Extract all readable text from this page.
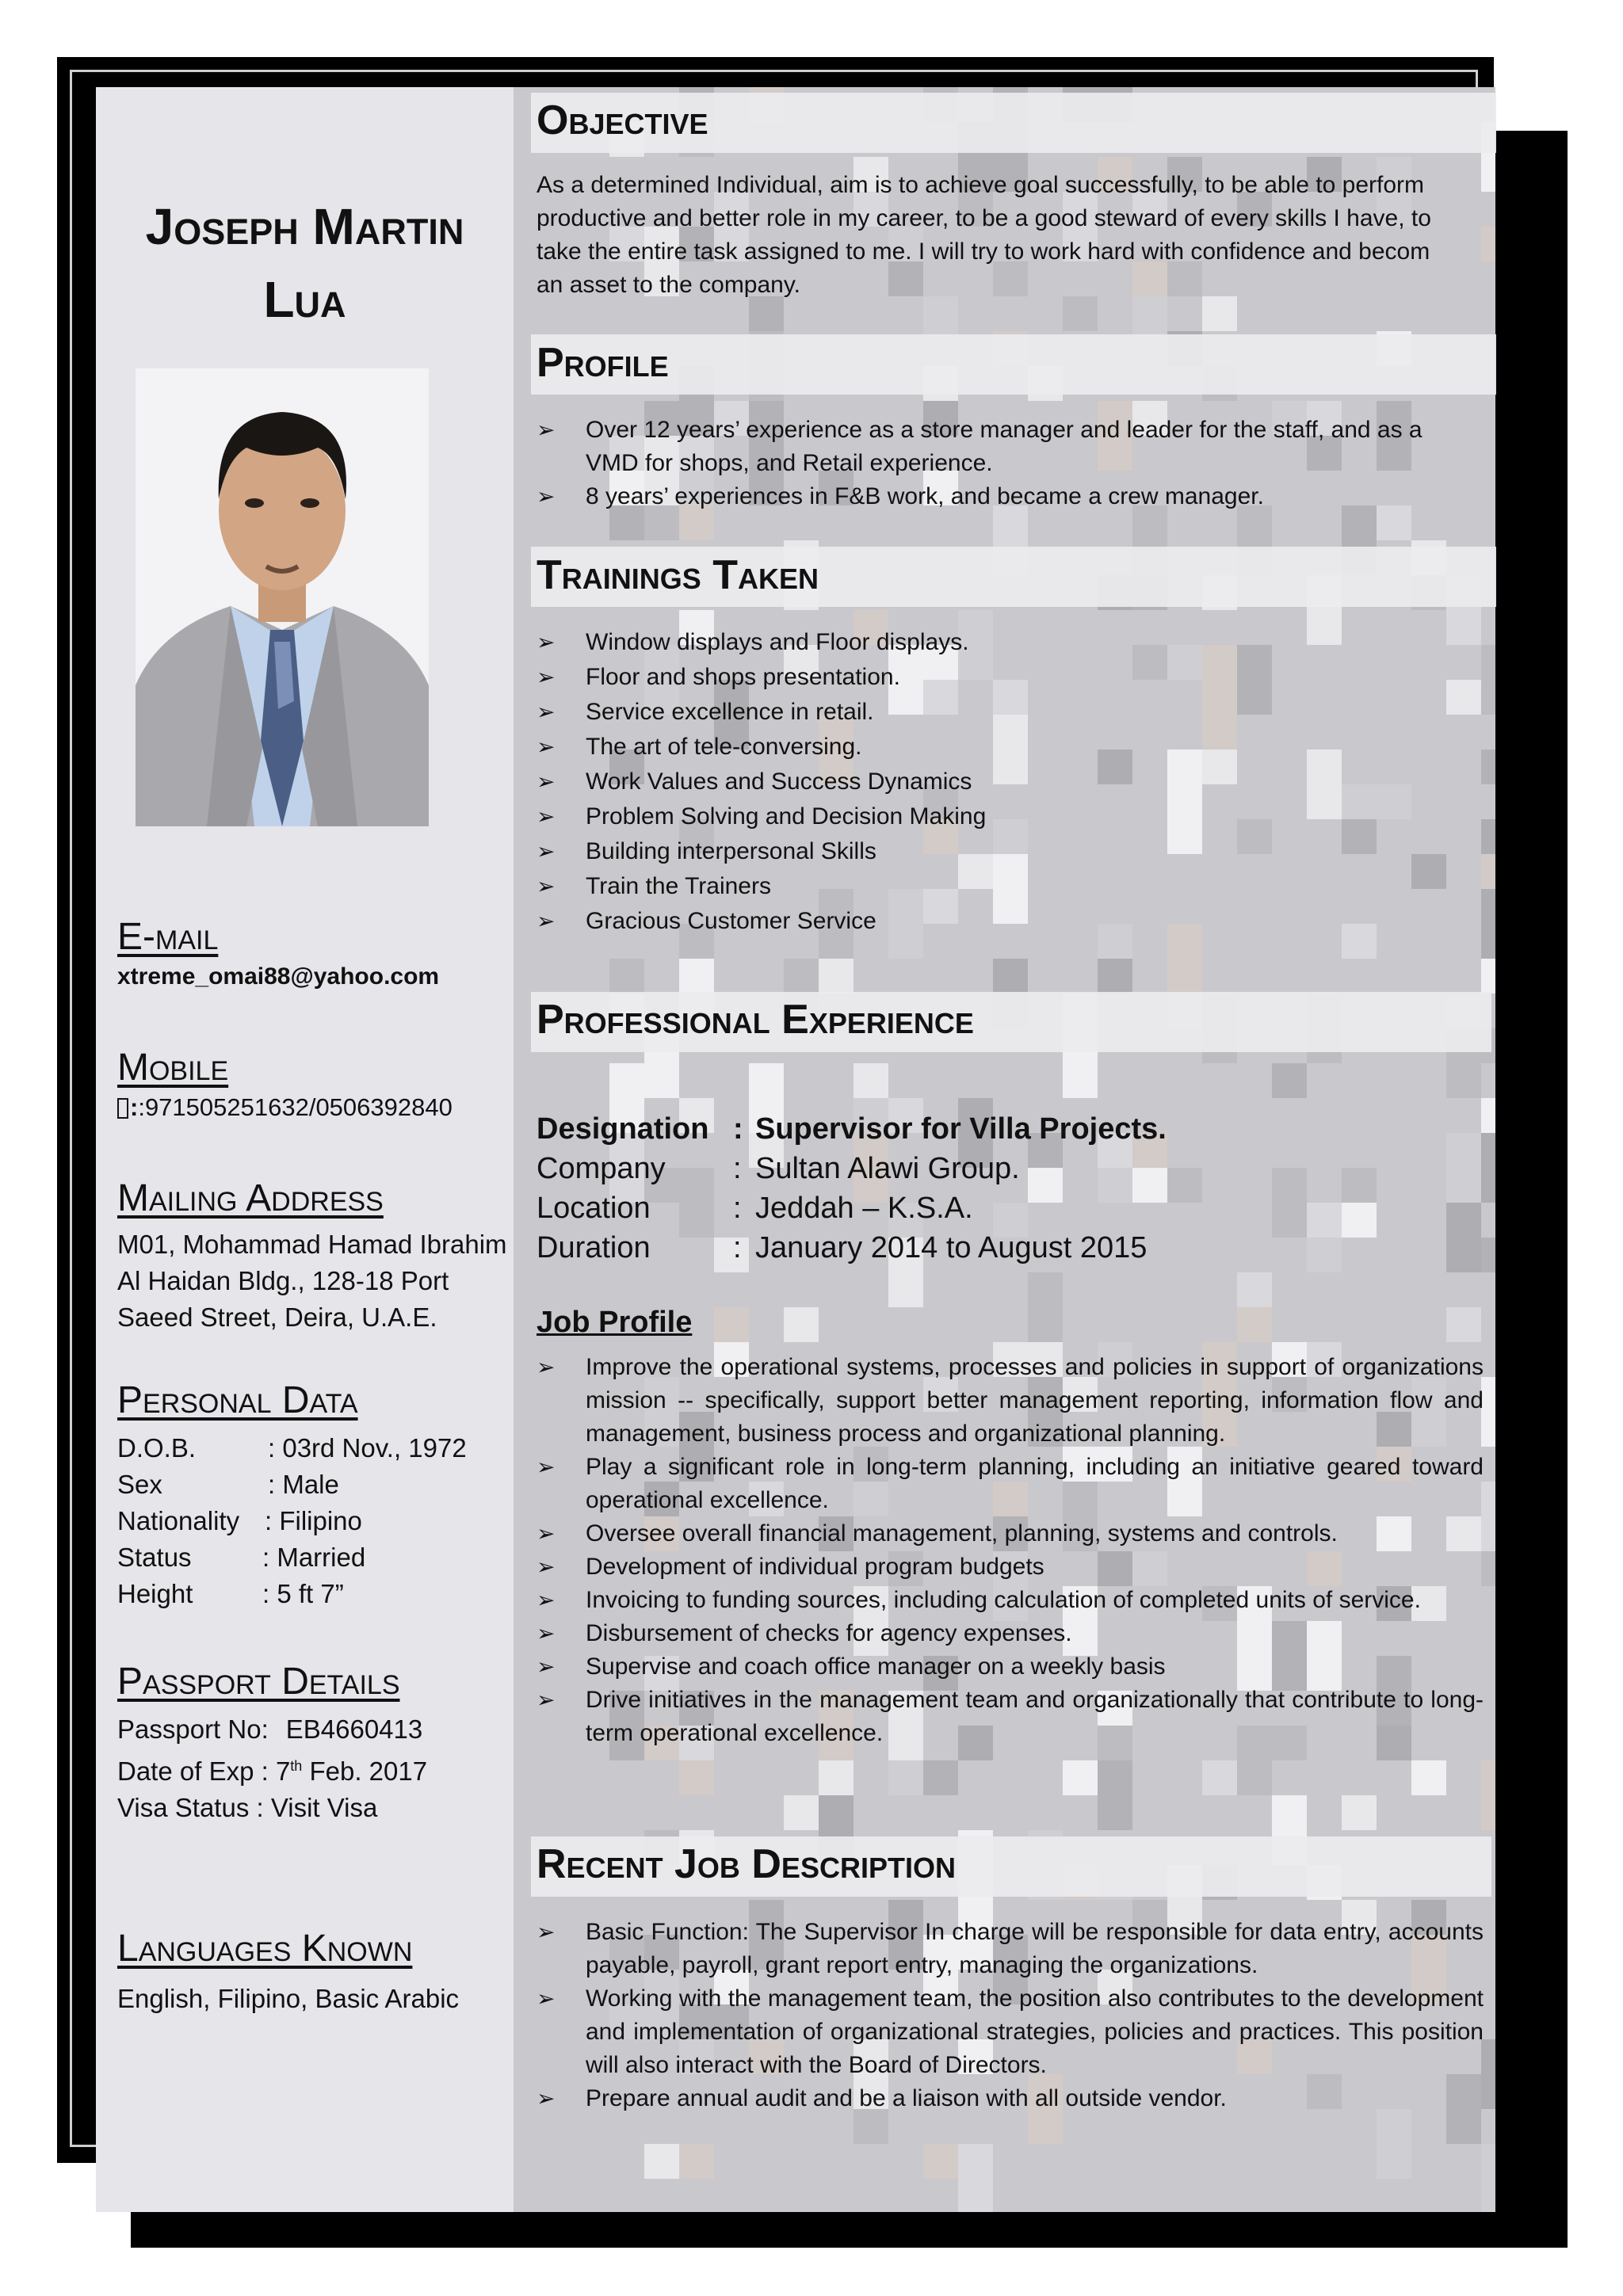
Joseph Martin
Lua
E-mail
xtreme_omai88@yahoo.com
Mobile
::971505251632/0506392840
Mailing Address
M01, Mohammad Hamad Ibrahim
Al Haidan Bldg., 128-18 Port
Saeed Street, Deira, U.A.E.
Personal Data
D.O.B.	: 03rd Nov., 1972
Sex	: Male
Nationality : Filipino
Status	: Married
Height	: 5 ft 7”
Passport Details
Passport No: EB4660413
Date of Exp : 7th Feb. 2017
Visa Status : Visit Visa
Languages Known
English, Filipino, Basic Arabic
Objective
As a determined Individual, aim is to achieve goal successfully, to be able to perform
productive and better role in my career, to be a good steward of every skills I have, to
take the entire task assigned to me. I will try to work hard with confidence and becom
an asset to the company.
Profile
➢ Over 12 years’ experience as a store manager and leader for the staff, and as a VMD for shops, and Retail experience.
➢ 8 years’ experiences in F&B work, and became a crew manager.
Trainings Taken
➢ Window displays and Floor displays.
➢ Floor and shops presentation.
➢ Service excellence in retail.
➢ The art of tele-conversing.
➢ Work Values and Success Dynamics
➢ Problem Solving and Decision Making
➢ Building interpersonal Skills
➢ Train the Trainers
➢ Gracious Customer Service
Professional Experience
Designation : Supervisor for Villa Projects.
Company	: Sultan Alawi Group.
Location	: Jeddah – K.S.A.
Duration	: January 2014 to August 2015
Job Profile
➢ Improve the operational systems, processes and policies in support of organizations mission -- specifically, support better management reporting, information flow and management, business process and organizational planning.
➢ Play a significant role in long-term planning, including an initiative geared toward operational excellence.
➢ Oversee overall financial management, planning, systems and controls.
➢ Development of individual program budgets
➢ Invoicing to funding sources, including calculation of completed units of service.
➢ Disbursement of checks for agency expenses.
➢ Supervise and coach office manager on a weekly basis
➢ Drive initiatives in the management team and organizationally that contribute to long-term operational excellence.
Recent Job Description
➢ Basic Function: The Supervisor In charge will be responsible for data entry, accounts payable, payroll, grant report entry, managing the organizations.
➢ Working with the management team, the position also contributes to the development and implementation of organizational strategies, policies and practices. This position will also interact with the Board of Directors.
➢ Prepare annual audit and be a liaison with all outside vendor.
